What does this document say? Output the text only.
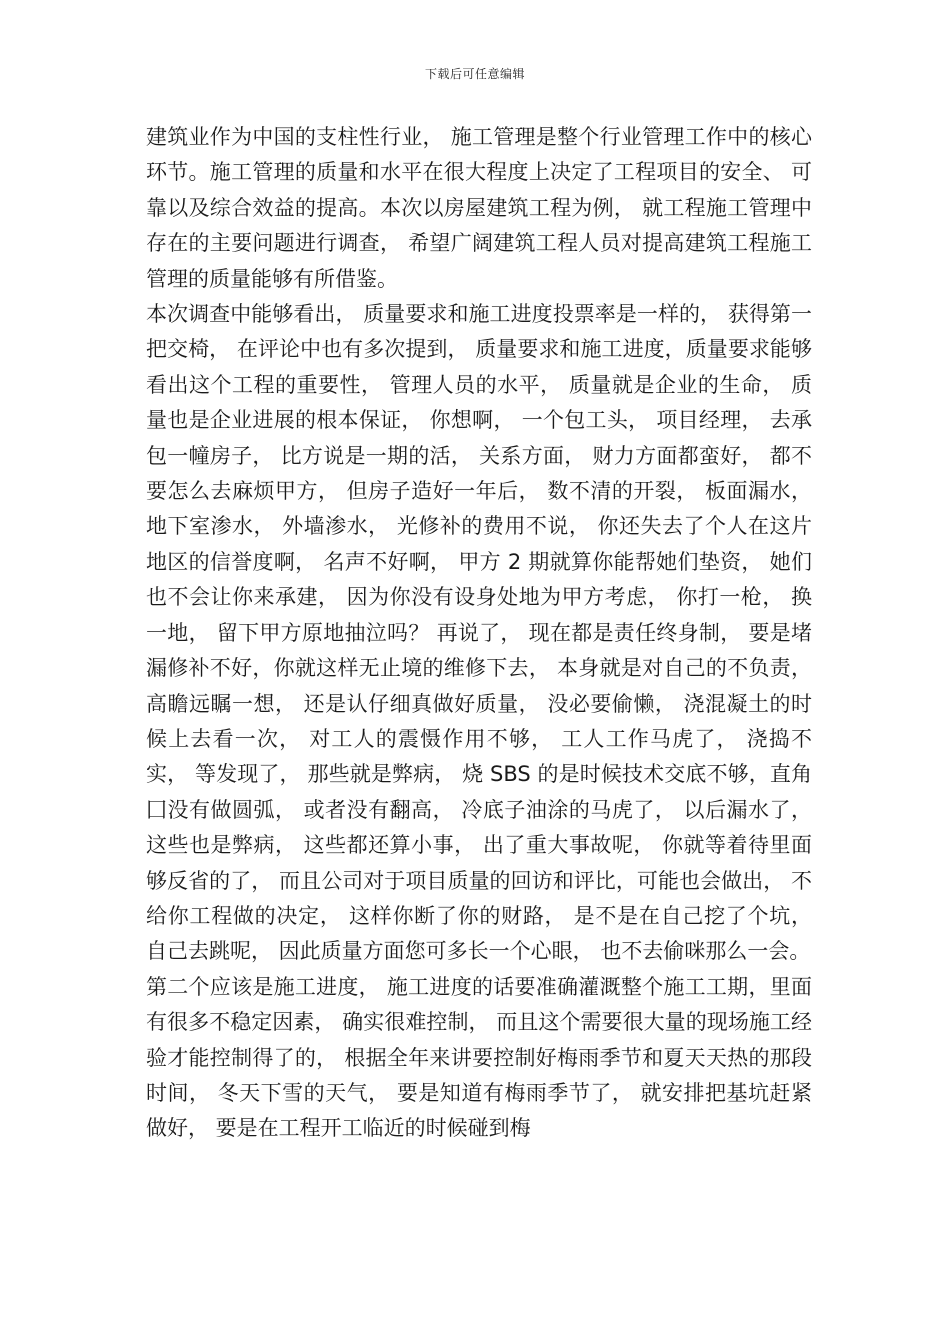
下载后可任意编辑

建筑业作为中国的支柱性行业， 施工管理是整个行业管理工作中的核心环节。施工管理的质量和水平在很大程度上决定了工程项目的安全、 可靠以及综合效益的提高。本次以房屋建筑工程为例， 就工程施工管理中存在的主要问题进行调查， 希望广阔建筑工程人员对提高建筑工程施工管理的质量能够有所借鉴。

本次调查中能够看出， 质量要求和施工进度投票率是一样的， 获得第一把交椅， 在评论中也有多次提到， 质量要求和施工进度，质量要求能够看出这个工程的重要性， 管理人员的水平， 质量就是企业的生命， 质量也是企业进展的根本保证， 你想啊， 一个包工头， 项目经理， 去承包一幢房子， 比方说是一期的活， 关系方面， 财力方面都蛮好， 都不要怎么去麻烦甲方， 但房子造好一年后， 数不清的开裂， 板面漏水， 地下室渗水， 外墙渗水， 光修补的费用不说， 你还失去了个人在这片地区的信誉度啊， 名声不好啊， 甲方 2 期就算你能帮她们垫资， 她们也不会让你来承建， 因为你没有设身处地为甲方考虑， 你打一枪， 换一地， 留下甲方原地抽泣吗？ 再说了， 现在都是责任终身制， 要是堵漏修补不好，你就这样无止境的维修下去， 本身就是对自己的不负责， 高瞻远瞩一想， 还是认仔细真做好质量， 没必要偷懒， 浇混凝土的时候上去看一次， 对工人的震慑作用不够， 工人工作马虎了， 浇捣不实， 等发现了， 那些就是弊病， 烧 SBS 的是时候技术交底不够，直角囗没有做圆弧， 或者没有翻高， 冷底子油涂的马虎了， 以后漏水了， 这些也是弊病， 这些都还算小事， 出了重大事故呢， 你就等着待里面够反省的了， 而且公司对于项目质量的回访和评比，可能也会做出， 不给你工程做的决定， 这样你断了你的财路， 是不是在自己挖了个坑， 自己去跳呢， 因此质量方面您可多长一个心眼， 也不去偷咪那么一会。

第二个应该是施工进度， 施工进度的话要准确灌溉整个施工工期，里面有很多不稳定因素， 确实很难控制， 而且这个需要很大量的现场施工经验才能控制得了的， 根据全年来讲要控制好梅雨季节和夏天天热的那段 时间， 冬天下雪的天气， 要是知道有梅雨季节了， 就安排把基坑赶紧做好， 要是在工程开工临近的时候碰到梅
